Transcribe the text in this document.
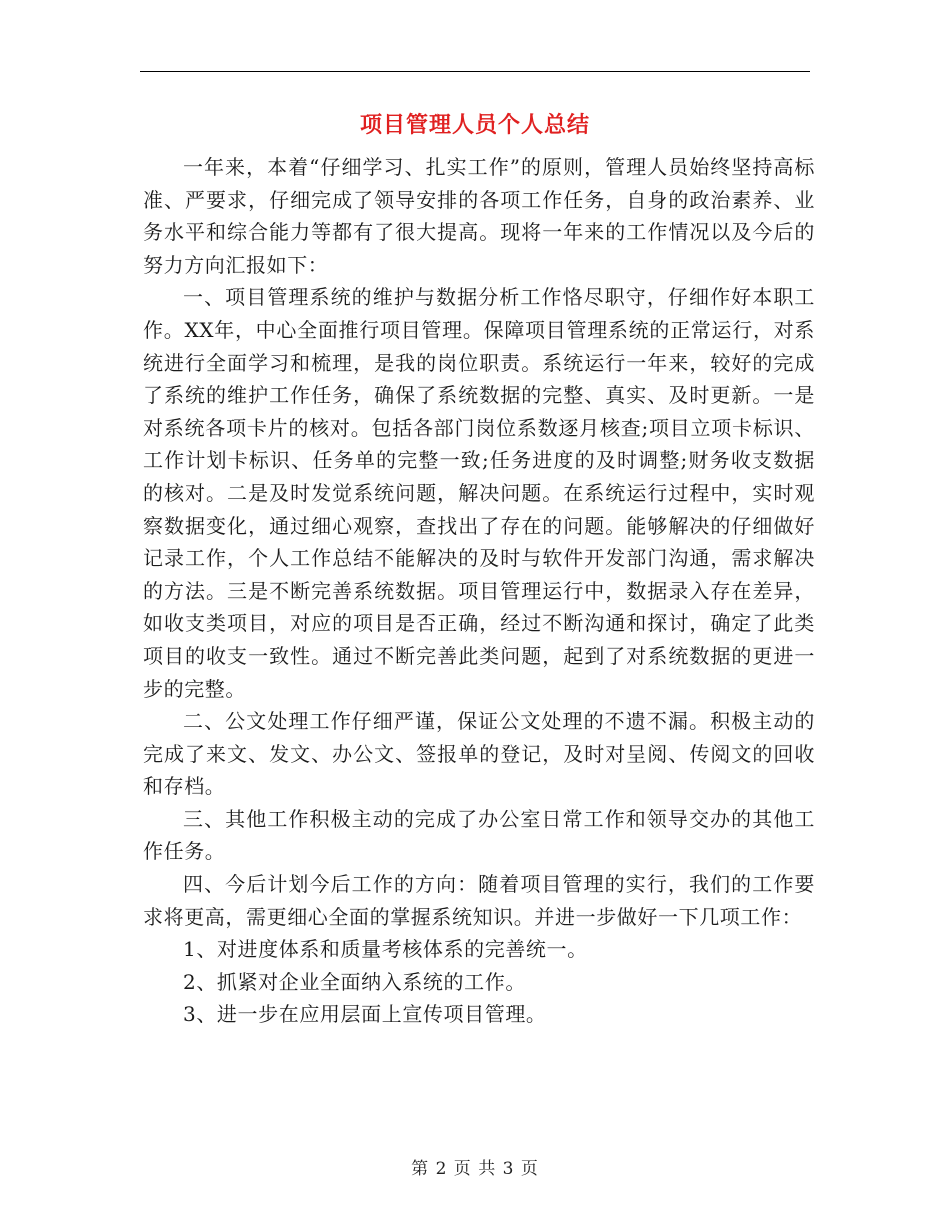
项目管理人员个人总结

一年来，本着“仔细学习、扎实工作”的原则，管理人员始终坚持高标准、严要求，仔细完成了领导安排的各项工作任务，自身的政治素养、业务水平和综合能力等都有了很大提高。现将一年来的工作情况以及今后的努力方向汇报如下：

一、项目管理系统的维护与数据分析工作恪尽职守，仔细作好本职工作。XX年，中心全面推行项目管理。保障项目管理系统的正常运行，对系统进行全面学习和梳理，是我的岗位职责。系统运行一年来，较好的完成了系统的维护工作任务，确保了系统数据的完整、真实、及时更新。一是对系统各项卡片的核对。包括各部门岗位系数逐月核查;项目立项卡标识、工作计划卡标识、任务单的完整一致;任务进度的及时调整;财务收支数据的核对。二是及时发觉系统问题，解决问题。在系统运行过程中，实时观察数据变化，通过细心观察，查找出了存在的问题。能够解决的仔细做好记录工作，个人工作总结不能解决的及时与软件开发部门沟通，需求解决的方法。三是不断完善系统数据。项目管理运行中，数据录入存在差异，如收支类项目，对应的项目是否正确，经过不断沟通和探讨，确定了此类项目的收支一致性。通过不断完善此类问题，起到了对系统数据的更进一步的完整。

二、公文处理工作仔细严谨，保证公文处理的不遗不漏。积极主动的完成了来文、发文、办公文、签报单的登记，及时对呈阅、传阅文的回收和存档。

三、其他工作积极主动的完成了办公室日常工作和领导交办的其他工作任务。

四、今后计划今后工作的方向：随着项目管理的实行，我们的工作要求将更高，需更细心全面的掌握系统知识。并进一步做好一下几项工作：

1、对进度体系和质量考核体系的完善统一。

2、抓紧对企业全面纳入系统的工作。

3、进一步在应用层面上宣传项目管理。

第 2 页 共 3 页
